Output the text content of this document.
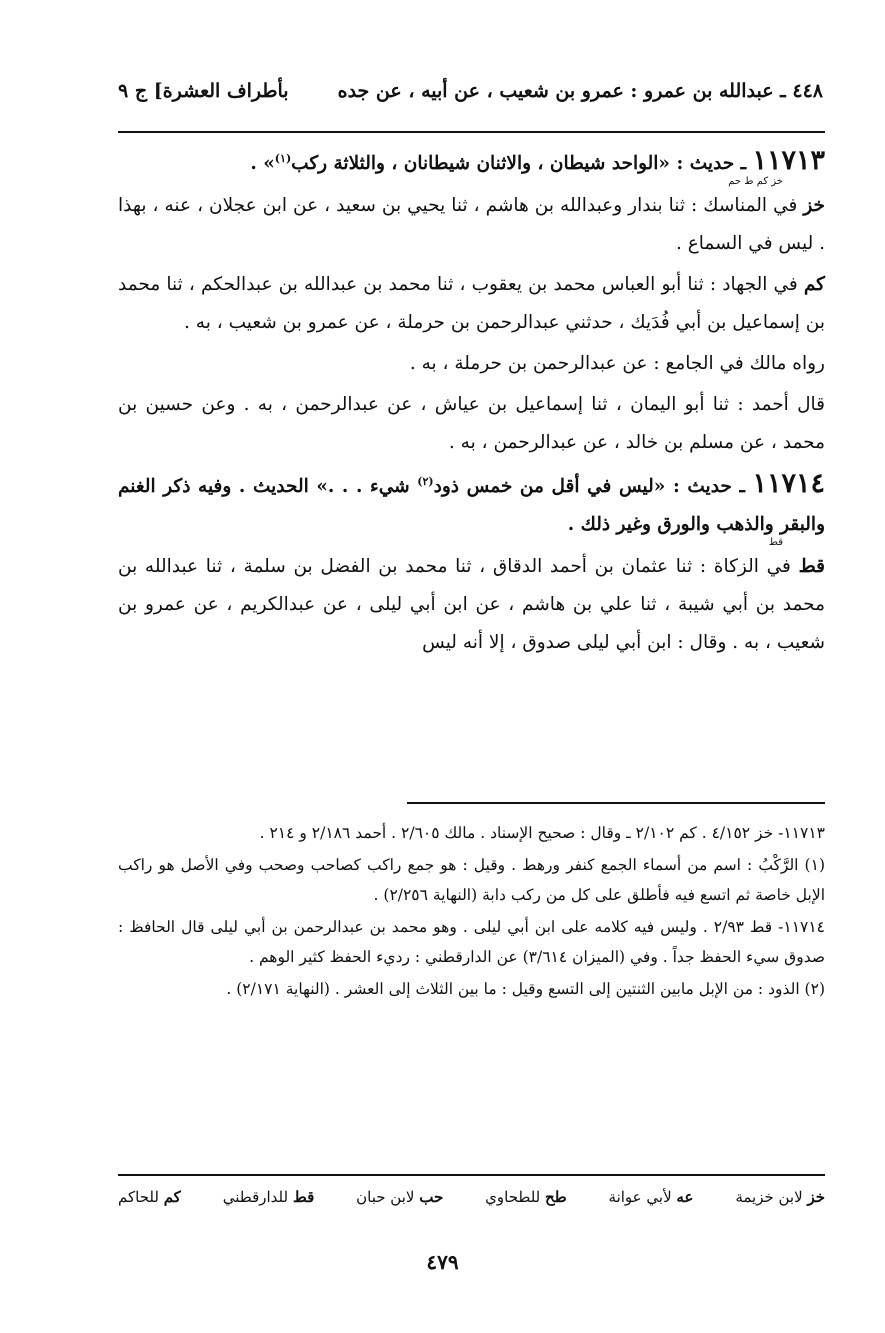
٤٤٨ ـ عبدالله بن عمرو : عمرو بن شعيب ، عن أبيه ، عن جده
بأطراف العشرة] ج ٩

١١٧١٣ ـ حديث : «الواحد شيطان ، والاثنان شيطانان ، والثلاثة ركب$^{(١)}$» .

خز كم ط حم

خز في المناسك : ثنا بندار وعبدالله بن هاشم ، ثنا يحيي بن سعيد ، عن ابن عجلان ، عنه ، بهذا . ليس في السماع .

كم في الجهاد : ثنا أبو العباس محمد بن يعقوب ، ثنا محمد بن عبدالله بن عبدالحكم ، ثنا محمد بن إسماعيل بن أبي فُدَيك ، حدثني عبدالرحمن بن حرملة ، عن عمرو بن شعيب ، به .

رواه مالك في الجامع : عن عبدالرحمن بن حرملة ، به .

قال أحمد : ثنا أبو اليمان ، ثنا إسماعيل بن عياش ، عن عبدالرحمن ، به . وعن حسين بن محمد ، عن مسلم بن خالد ، عن عبدالرحمن ، به .

١١٧١٤ ـ حديث : «ليس في أقل من خمس ذود$^{(٢)}$ شيء . . .» الحديث . وفيه ذكر الغنم والبقر والذهب والورق وغير ذلك .

قط

قط في الزكاة : ثنا عثمان بن أحمد الدقاق ، ثنا محمد بن الفضل بن سلمة ، ثنا عبدالله بن محمد بن أبي شيبة ، ثنا علي بن هاشم ، عن ابن أبي ليلى ، عن عبدالكريم ، عن عمرو بن شعيب ، به . وقال : ابن أبي ليلى صدوق ، إلا أنه ليس

١١٧١٣- خز ٤/١٥٢ . كم ٢/١٠٢ ـ وقال : صحيح الإسناد . مالك ٢/٦٠٥ . أحمد ٢/١٨٦ و ٢١٤ .

(١) الرَّكْبُ : اسم من أسماء الجمع كنفر ورهط . وقيل : هو جمع راكب كصاحب وصحب وفي الأصل هو راكب الإبل خاصة ثم اتسع فيه فأطلق على كل من ركب دابة (النهاية ٢/٢٥٦) .

١١٧١٤- قط ٢/٩٣ . وليس فيه كلامه على ابن أبي ليلى . وهو محمد بن عبدالرحمن بن أبي ليلى قال الحافظ : صدوق سيء الحفظ جداً . وفي (الميزان ٣/٦١٤) عن الدارقطني : رديء الحفظ كثير الوهم .

(٢) الذود : من الإبل مابين الثنتين إلى التسع وقيل : ما بين الثلاث إلى العشر . (النهاية ٢/١٧١) .

خز لابن خزيمة
عه لأبي عوانة
طح للطحاوي
حب لابن حبان
قط للدارقطني
كم للحاكم
٤٧٩
